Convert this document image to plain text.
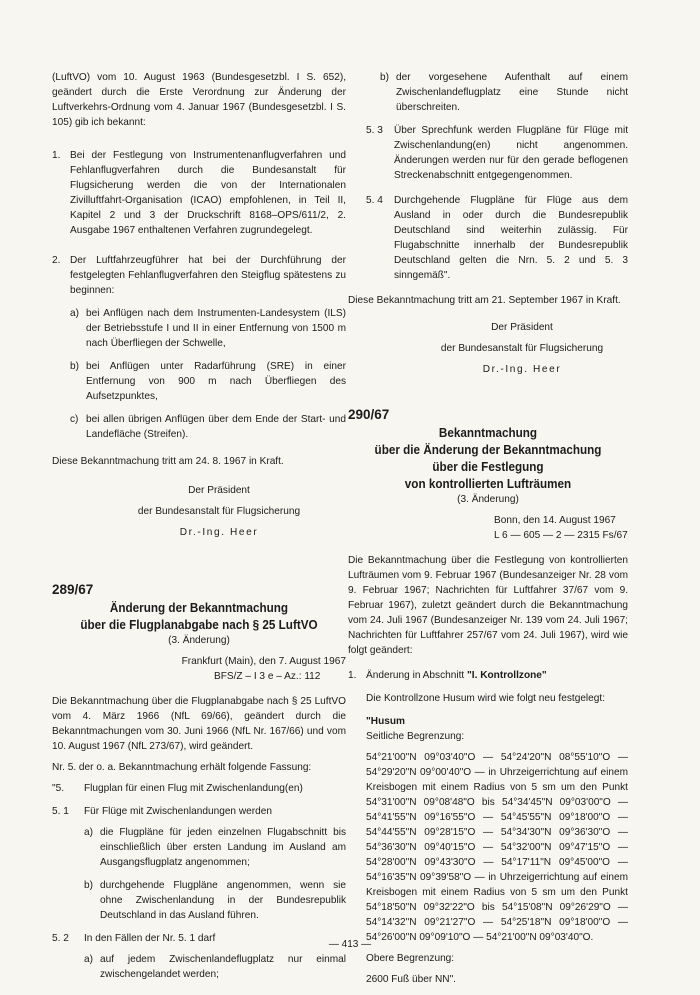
(LuftVO) vom 10. August 1963 (Bundesgesetzbl. I S. 652), geändert durch die Erste Verordnung zur Änderung der Luftverkehrs-Ordnung vom 4. Januar 1967 (Bundesgesetzbl. I S. 105) gib ich bekannt:

1. Bei der Festlegung von Instrumentenanflugverfahren und Fehlanflugverfahren durch die Bundesanstalt für Flugsicherung werden die von der Internationalen Zivilluftfahrt-Organisation (ICAO) empfohlenen, in Teil II, Kapitel 2 und 3 der Druckschrift 8168–OPS/611/2, 2. Ausgabe 1967 enthaltenen Verfahren zugrundegelegt.

2. Der Luftfahrzeugführer hat bei der Durchführung der festgelegten Fehlanflugverfahren den Steigflug spätestens zu beginnen:

a) bei Anflügen nach dem Instrumenten-Landesystem (ILS) der Betriebsstufe I und II in einer Entfernung von 1500 m nach Überfliegen der Schwelle,

b) bei Anflügen unter Radarführung (SRE) in einer Entfernung von 900 m nach Überfliegen des Aufsetzpunktes,

c) bei allen übrigen Anflügen über dem Ende der Start- und Landefläche (Streifen).

Diese Bekanntmachung tritt am 24. 8. 1967 in Kraft.

Der Präsident

der Bundesanstalt für Flugsicherung

Dr.-Ing. Heer

289/67

Änderung der Bekanntmachung

über die Flugplanabgabe nach § 25 LuftVO

(3. Änderung)

Frankfurt (Main), den 7. August 1967

BFS/Z – I 3 e – Az.: 112

Die Bekanntmachung über die Flugplanabgabe nach § 25 LuftVO vom 4. März 1966 (NfL 69/66), geändert durch die Bekanntmachungen vom 30. Juni 1966 (NfL Nr. 167/66) und vom 10. August 1967 (NfL 273/67), wird geändert.

Nr. 5. der o. a. Bekanntmachung erhält folgende Fassung:

"5. Flugplan für einen Flug mit Zwischenlandung(en)

5. 1 Für Flüge mit Zwischenlandungen werden

a) die Flugpläne für jeden einzelnen Flugabschnitt bis einschließlich über ersten Landung im Ausland am Ausgangsflugplatz angenommen;

b) durchgehende Flugpläne angenommen, wenn sie ohne Zwischenlandung in der Bundesrepublik Deutschland in das Ausland führen.

5. 2 In den Fällen der Nr. 5. 1 darf

a) auf jedem Zwischenlandeflugplatz nur einmal zwischengelandet werden;

b) der vorgesehene Aufenthalt auf einem Zwischenlandeflugplatz eine Stunde nicht überschreiten.

5. 3 Über Sprechfunk werden Flugpläne für Flüge mit Zwischenlandung(en) nicht angenommen. Änderungen werden nur für den gerade beflogenen Streckenabschnitt entgegengenommen.

5. 4 Durchgehende Flugpläne für Flüge aus dem Ausland in oder durch die Bundesrepublik Deutschland sind weiterhin zulässig. Für Flugabschnitte innerhalb der Bundesrepublik Deutschland gelten die Nrn. 5. 2 und 5. 3 sinngemäß".

Diese Bekanntmachung tritt am 21. September 1967 in Kraft.

Der Präsident

der Bundesanstalt für Flugsicherung

Dr.-Ing. Heer

290/67

Bekanntmachung

über die Änderung der Bekanntmachung

über die Festlegung

von kontrollierten Lufträumen

(3. Änderung)

Bonn, den 14. August 1967

L 6 — 605 — 2 — 2315 Fs/67

Die Bekanntmachung über die Festlegung von kontrollierten Lufträumen vom 9. Februar 1967 (Bundesanzeiger Nr. 28 vom 9. Februar 1967; Nachrichten für Luftfahrer 37/67 vom 9. Februar 1967), zuletzt geändert durch die Bekanntmachung vom 24. Juli 1967 (Bundesanzeiger Nr. 139 vom 24. Juli 1967; Nachrichten für Luftfahrer 257/67 vom 24. Juli 1967), wird wie folgt geändert:

1. Änderung in Abschnitt "I. Kontrollzone"

Die Kontrollzone Husum wird wie folgt neu festgelegt:

"Husum

Seitliche Begrenzung:

54°21'00"N 09°03'40"O — 54°24'20"N 08°55'10"O — 54°29'20"N 09°00'40"O — in Uhrzeigerrichtung auf einem Kreisbogen mit einem Radius von 5 sm um den Punkt 54°31'00"N 09°08'48"O bis 54°34'45"N 09°03'00"O — 54°41'55"N 09°16'55"O — 54°45'55"N 09°18'00"O — 54°44'55"N 09°28'15"O — 54°34'30"N 09°36'30"O — 54°36'30"N 09°40'15"O — 54°32'00"N 09°47'15"O — 54°28'00"N 09°43'30"O — 54°17'11"N 09°45'00"O — 54°16'35"N 09°39'58"O — in Uhrzeigerrichtung auf einem Kreisbogen mit einem Radius von 5 sm um den Punkt 54°18'50"N 09°32'22"O bis 54°15'08"N 09°26'29"O — 54°14'32"N 09°21'27"O — 54°25'18"N 09°18'00"O — 54°26'00"N 09°09'10"O — 54°21'00"N 09°03'40"O.

Obere Begrenzung:

2600 Fuß über NN".

— 413 —
